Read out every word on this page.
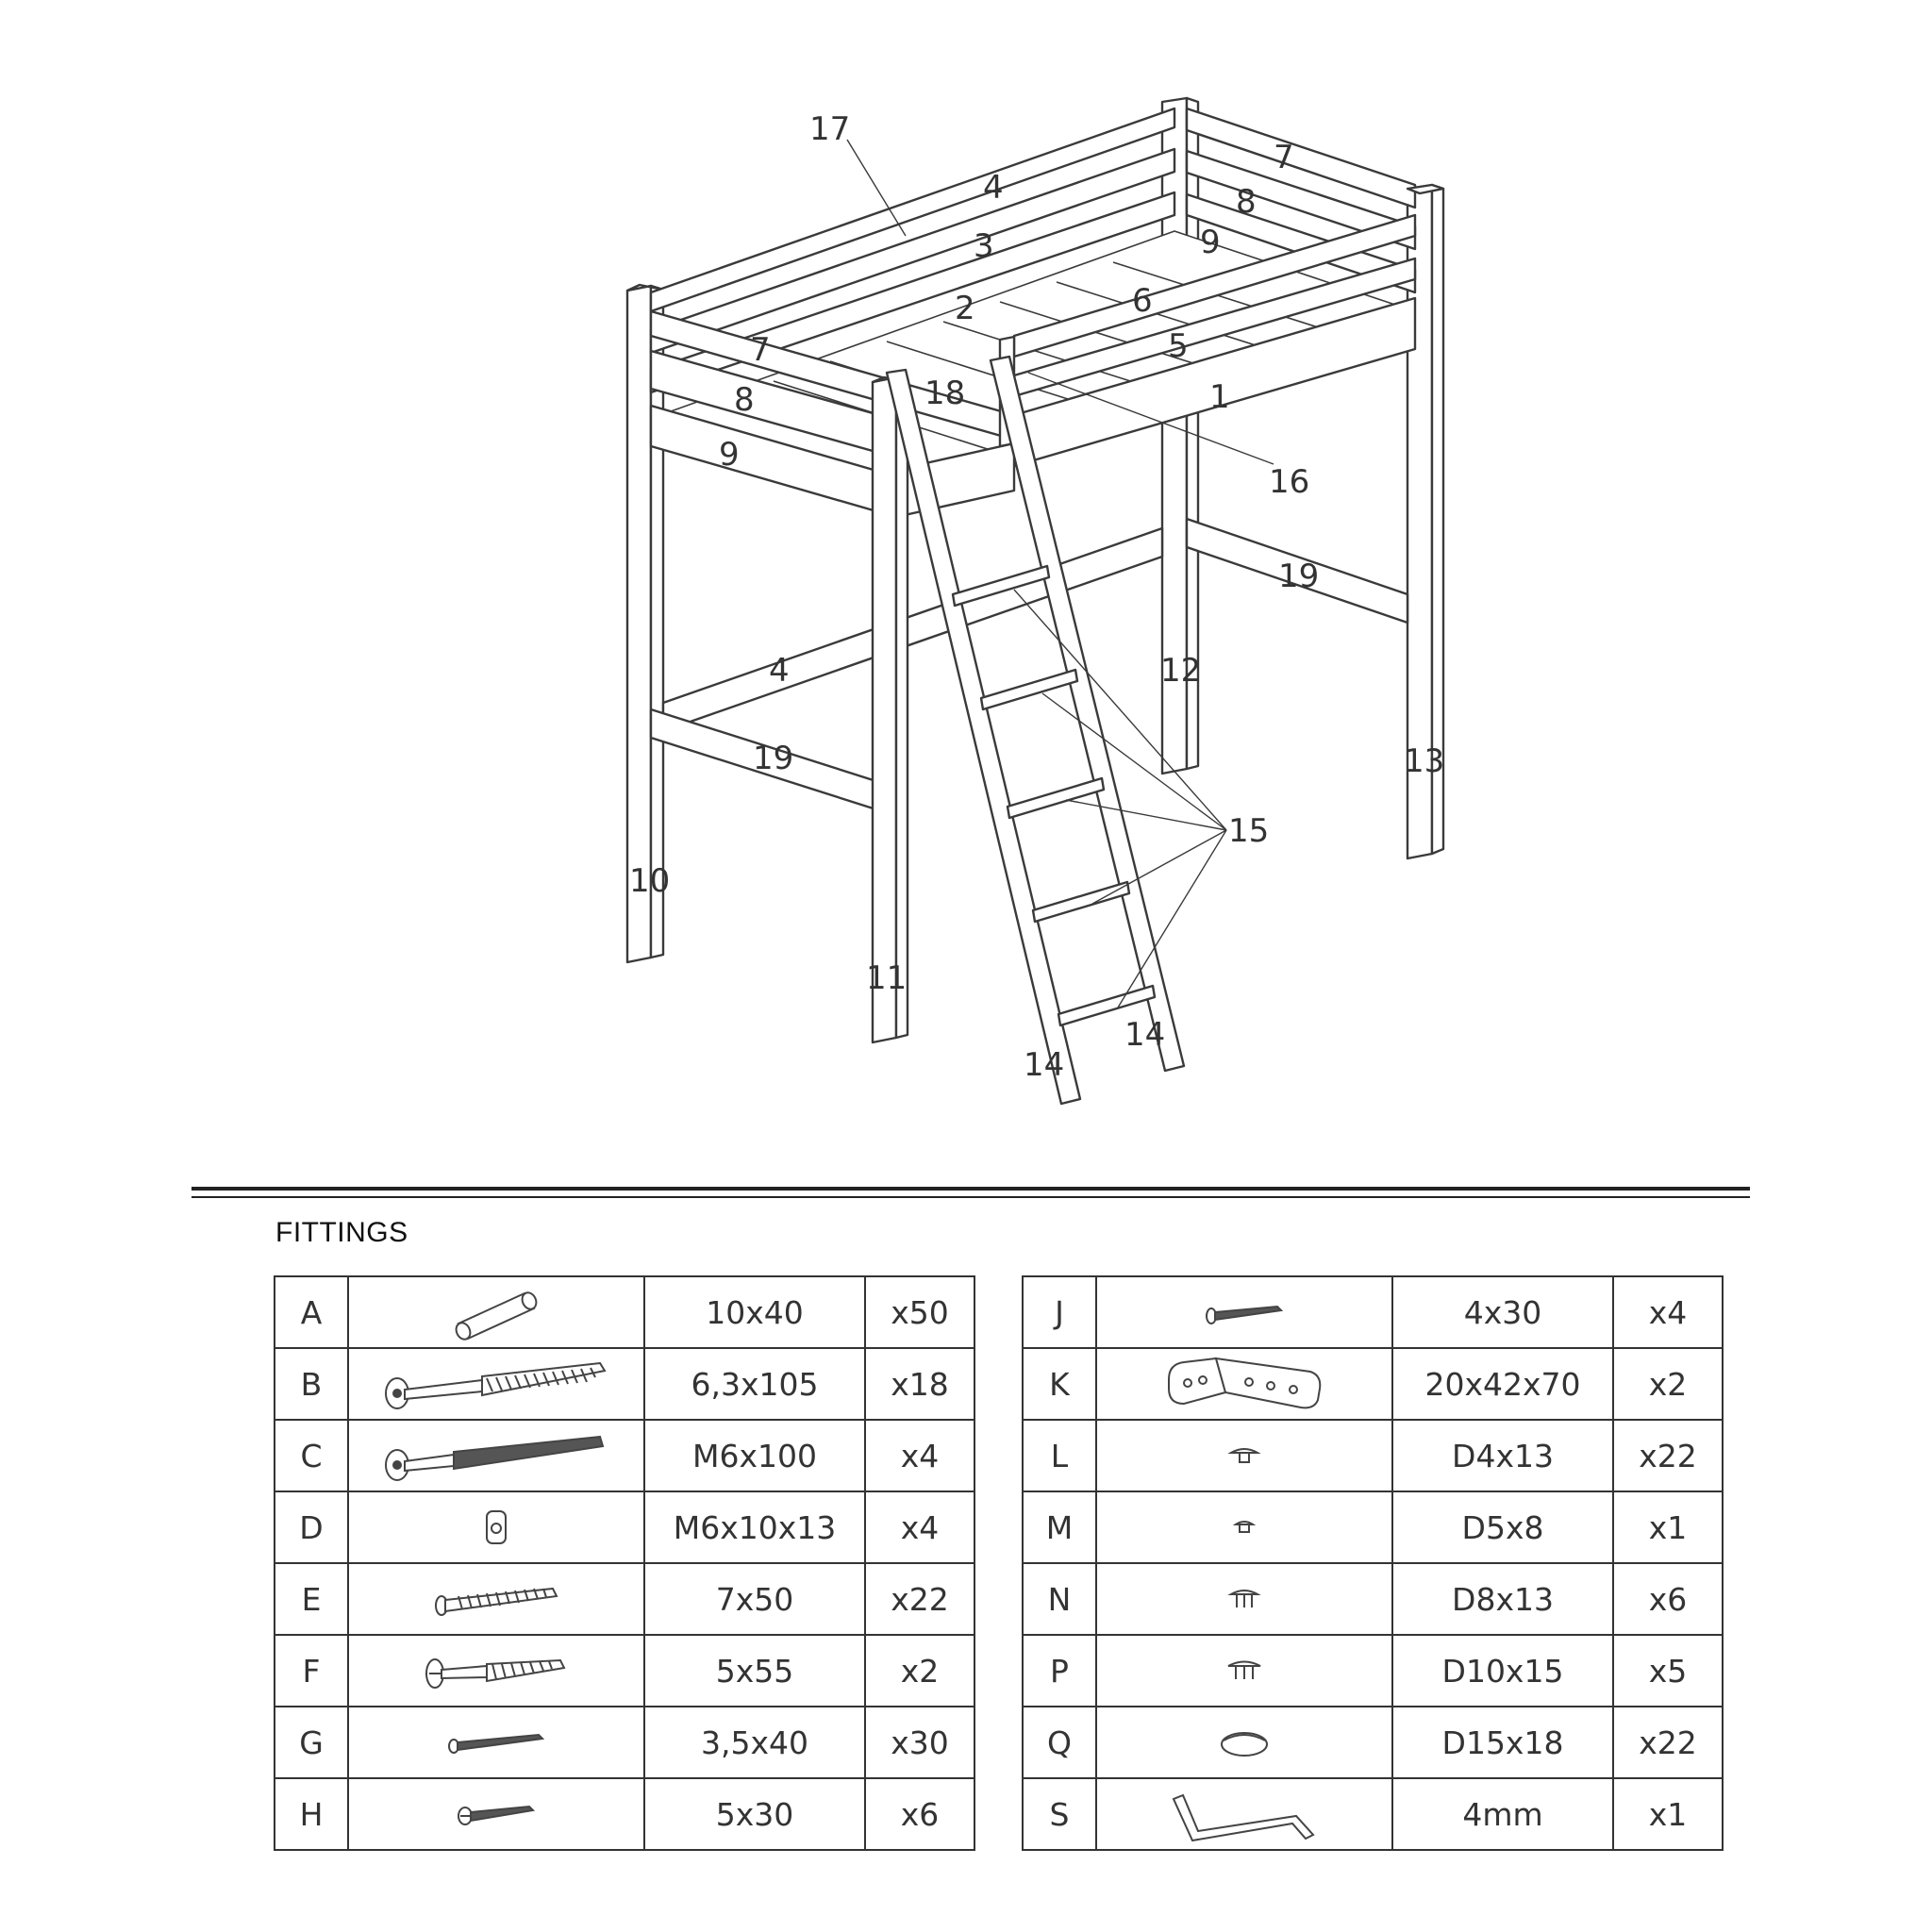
17
4
3
2
7
8
9
6
5
1
16
18
7
8
9
19
4	12
13
15
10
11
14
14
19
FITTINGS
A		10x40	x50
B		6,3x105	x18
C		M6x100	x4
D		M6x10x13	x4
E		7x50	x22
F		5x55	x2
G		3,5x40	x30
H		5x30	x6
J		4x30	x4
K		20x42x70	x2
L		D4x13	x22
M		D5x8	x1
N		D8x13	x6
P		D10x15	x5
Q		D15x18	x22
S		4mm	x1
